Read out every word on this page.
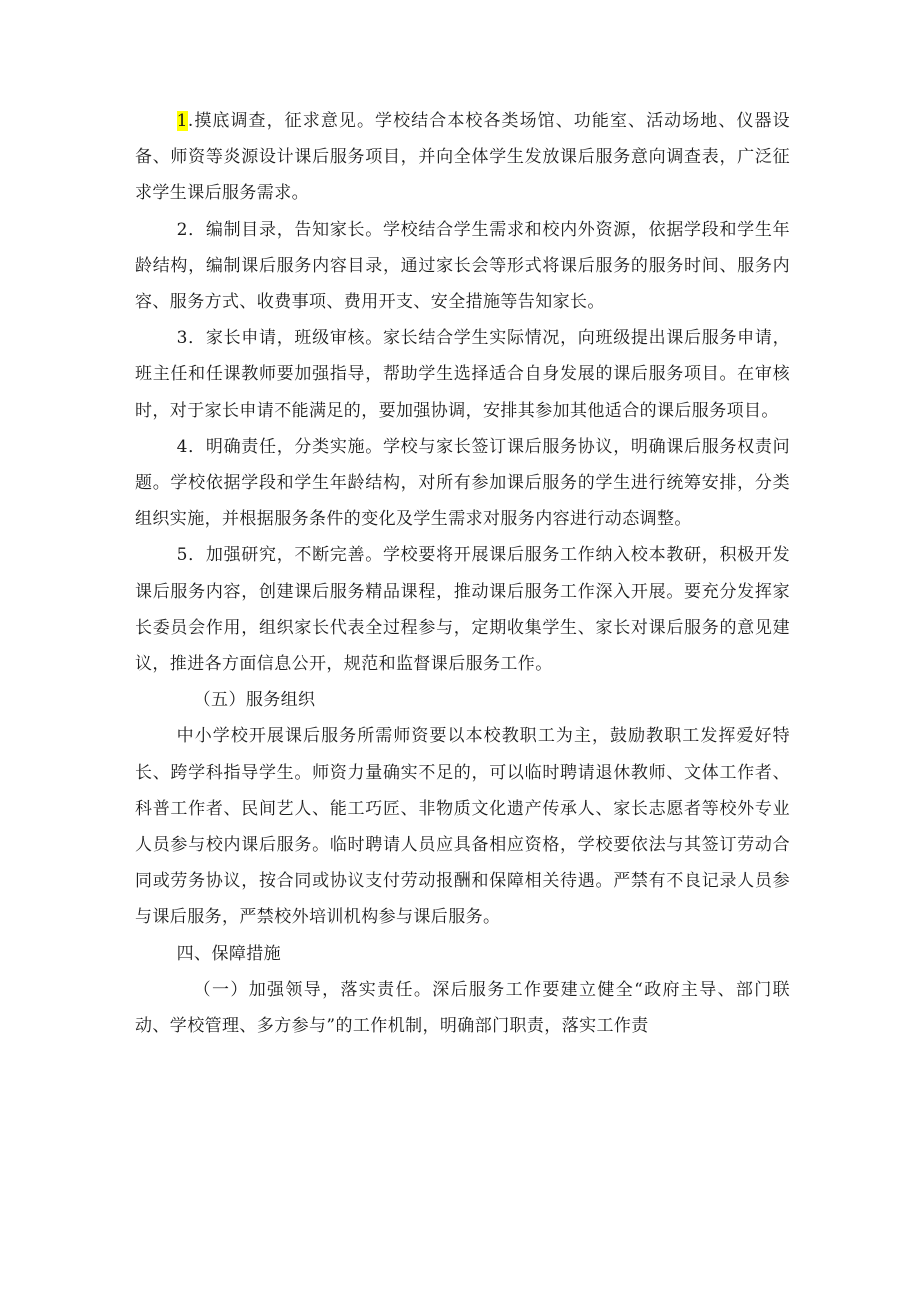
1.摸底调查，征求意见。学校结合本校各类场馆、功能室、活动场地、仪器设备、师资等炎源设计课后服务项目，并向全体学生发放课后服务意向调查表，广泛征求学生课后服务需求。

2．编制目录，告知家长。学校结合学生需求和校内外资源，依据学段和学生年龄结构，编制课后服务内容目录，通过家长会等形式将课后服务的服务时间、服务内容、服务方式、收费事项、费用开支、安全措施等告知家长。

3．家长申请，班级审核。家长结合学生实际情况，向班级提出课后服务申请，班主任和任课教师要加强指导，帮助学生选择适合自身发展的课后服务项目。在审核时，对于家长申请不能满足的，要加强协调，安排其参加其他适合的课后服务项目。

4．明确责任，分类实施。学校与家长签订课后服务协议，明确课后服务权责问题。学校依据学段和学生年龄结构，对所有参加课后服务的学生进行统筹安排，分类组织实施，并根据服务条件的变化及学生需求对服务内容进行动态调整。

5．加强研究，不断完善。学校要将开展课后服务工作纳入校本教研，积极开发课后服务内容，创建课后服务精品课程，推动课后服务工作深入开展。要充分发挥家长委员会作用，组织家长代表全过程参与，定期收集学生、家长对课后服务的意见建议，推进各方面信息公开，规范和监督课后服务工作。

（五）服务组织

中小学校开展课后服务所需师资要以本校教职工为主，鼓励教职工发挥爱好特长、跨学科指导学生。师资力量确实不足的，可以临时聘请退休教师、文体工作者、科普工作者、民间艺人、能工巧匠、非物质文化遗产传承人、家长志愿者等校外专业人员参与校内课后服务。临时聘请人员应具备相应资格，学校要依法与其签订劳动合同或劳务协议，按合同或协议支付劳动报酬和保障相关待遇。严禁有不良记录人员参与课后服务，严禁校外培训机构参与课后服务。

四、保障措施

（一）加强领导，落实责任。深后服务工作要建立健全“政府主导、部门联动、学校管理、多方参与”的工作机制，明确部门职责，落实工作责
